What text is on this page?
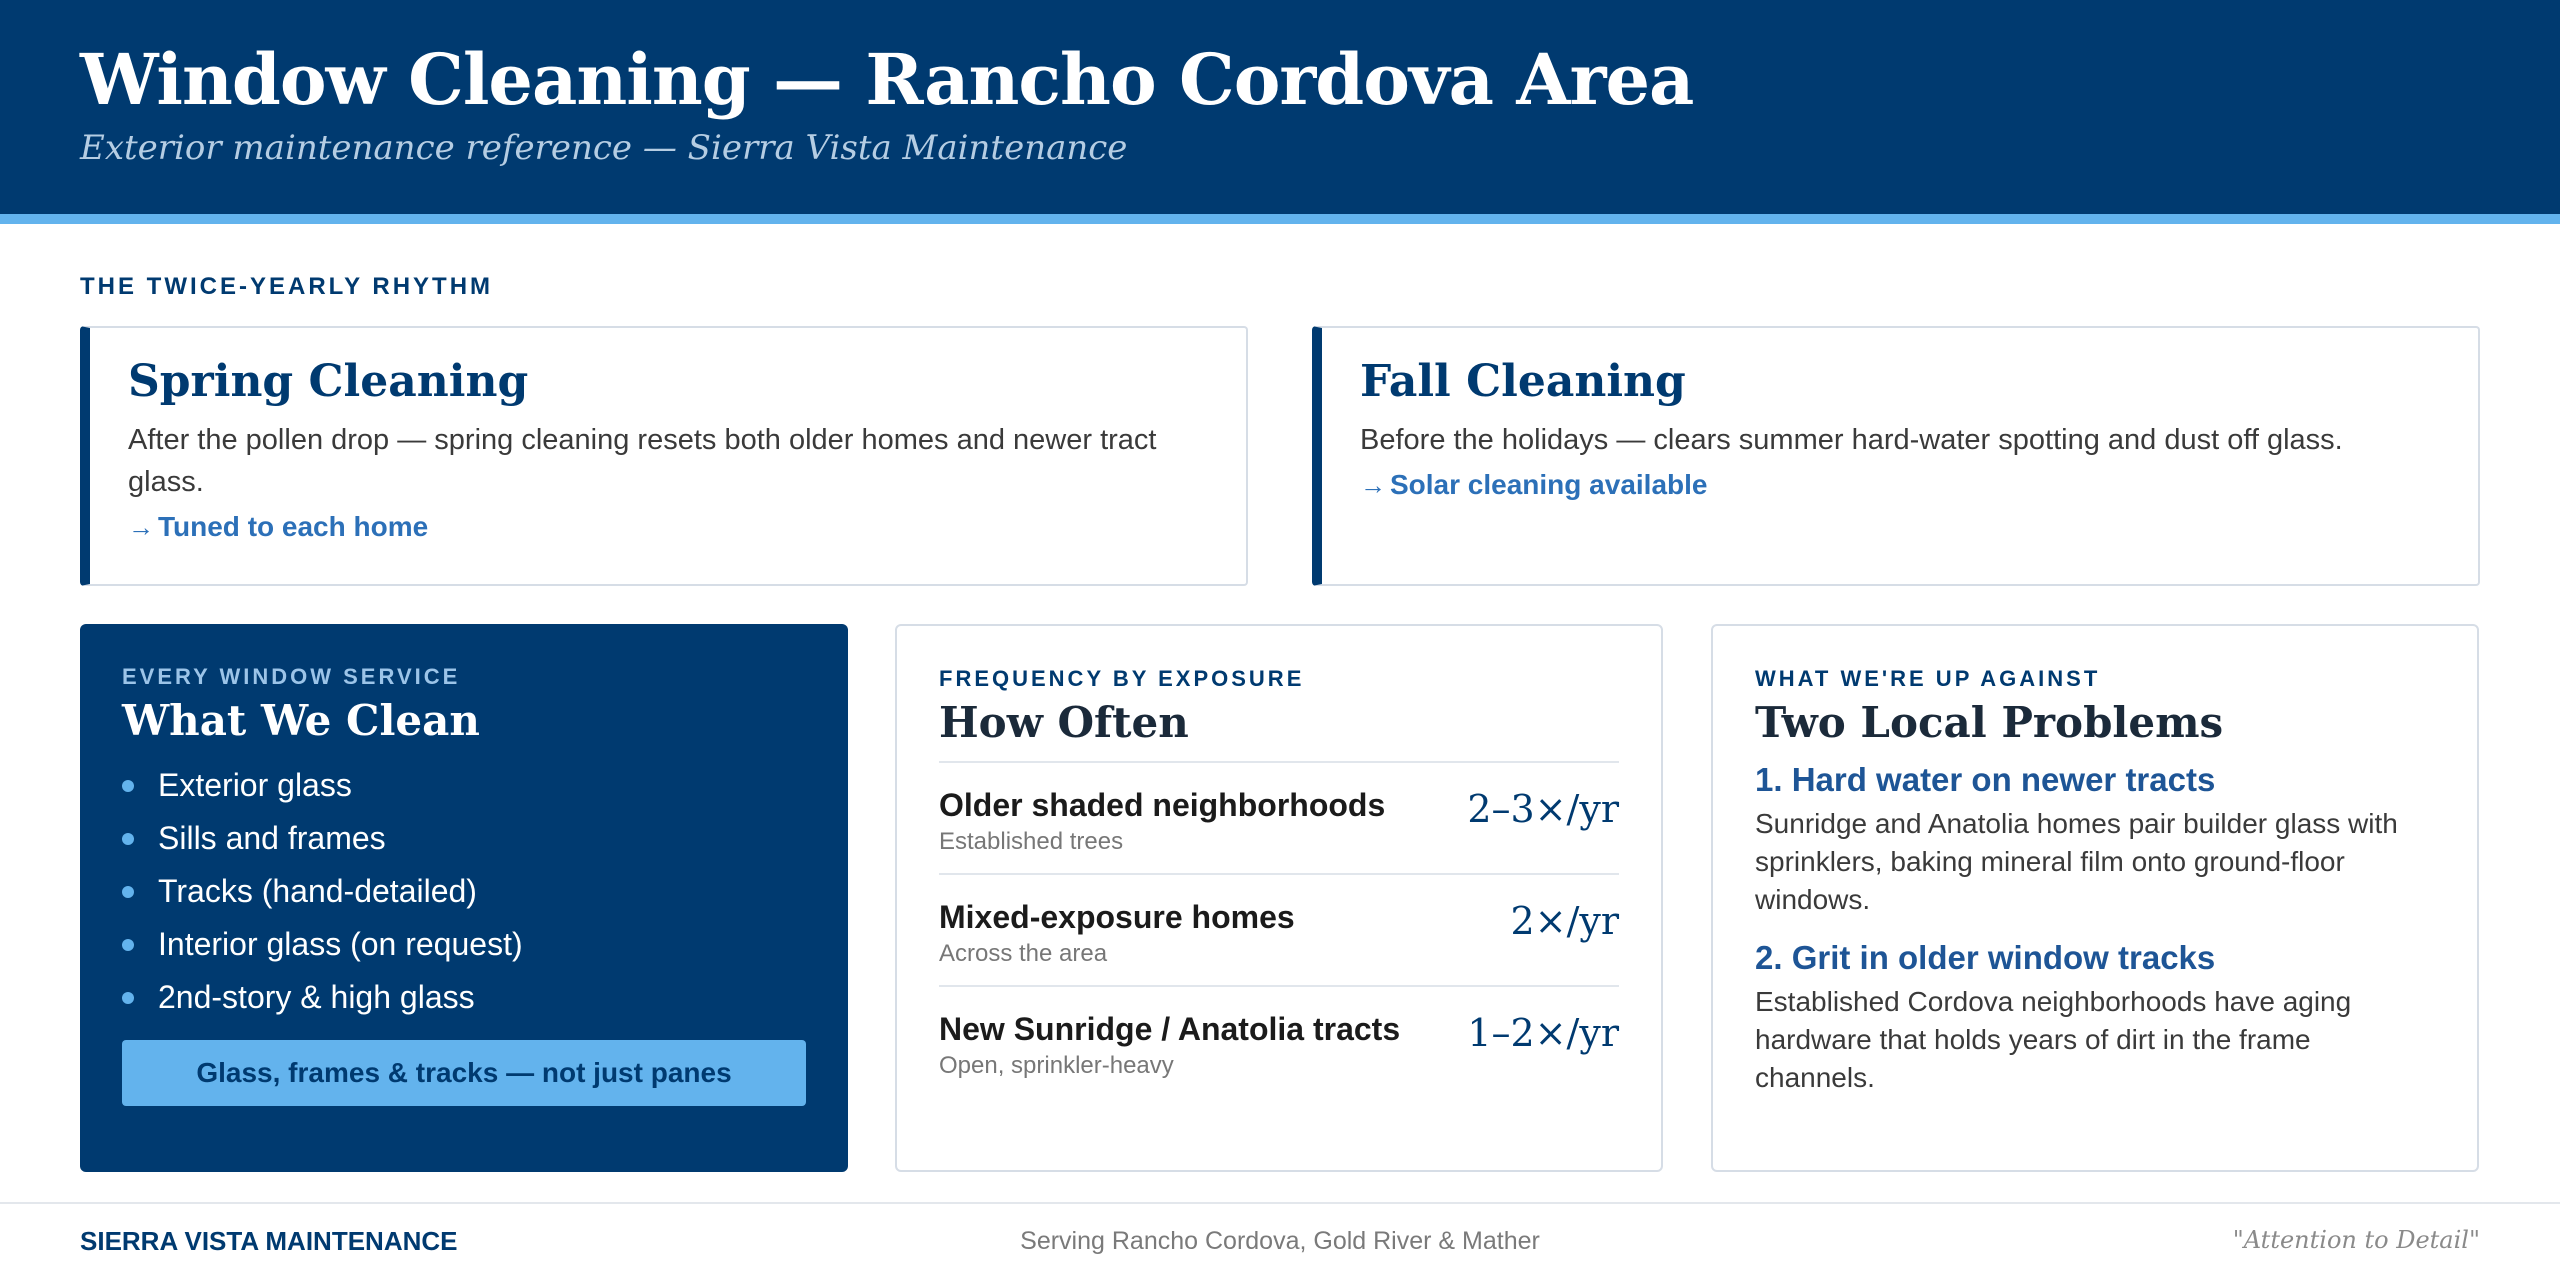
Window Cleaning — Rancho Cordova Area
Exterior maintenance reference — Sierra Vista Maintenance
THE TWICE-YEARLY RHYTHM
Spring Cleaning

After the pollen drop — spring cleaning resets both older homes and newer tract glass.

→ Tuned to each home
Fall Cleaning

Before the holidays — clears summer hard-water spotting and dust off glass.

→ Solar cleaning available
EVERY WINDOW SERVICE
What We Clean
Exterior glass
Sills and frames
Tracks (hand-detailed)
Interior glass (on request)
2nd-story & high glass
Glass, frames & tracks — not just panes
FREQUENCY BY EXPOSURE
How Often
Older shaded neighborhoods
Established trees
2–3×/yr
Mixed-exposure homes
Across the area
2×/yr
New Sunridge / Anatolia tracts
Open, sprinkler-heavy
1–2×/yr
WHAT WE'RE UP AGAINST
Two Local Problems
1. Hard water on newer tracts

Sunridge and Anatolia homes pair builder glass with sprinklers, baking mineral film onto ground-floor windows.

2. Grit in older window tracks

Established Cordova neighborhoods have aging hardware that holds years of dirt in the frame channels.

SIERRA VISTA MAINTENANCE	Serving Rancho Cordova, Gold River & Mather	"Attention to Detail"
